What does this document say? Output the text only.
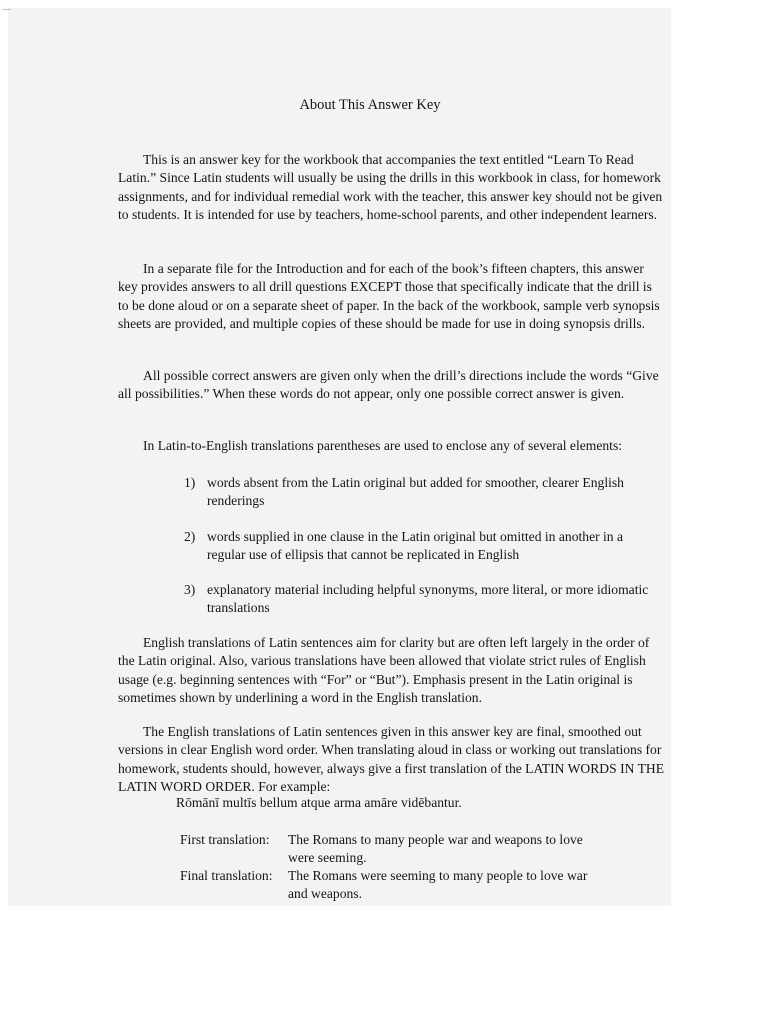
—
About This Answer Key
This is an answer key for the workbook that accompanies the text entitled “Learn To Read Latin.” Since Latin students will usually be using the drills in this workbook in class, for homework assignments, and for individual remedial work with the teacher, this answer key should not be given to students. It is intended for use by teachers, home-school parents, and other independent learners.
In a separate file for the Introduction and for each of the book’s fifteen chapters, this answer key provides answers to all drill questions EXCEPT those that specifically indicate that the drill is to be done aloud or on a separate sheet of paper. In the back of the workbook, sample verb synopsis sheets are provided, and multiple copies of these should be made for use in doing synopsis drills.
All possible correct answers are given only when the drill’s directions include the words “Give all possibilities.” When these words do not appear, only one possible correct answer is given.
In Latin-to-English translations parentheses are used to enclose any of several elements:
1) words absent from the Latin original but added for smoother, clearer English renderings
2) words supplied in one clause in the Latin original but omitted in another in a regular use of ellipsis that cannot be replicated in English
3) explanatory material including helpful synonyms, more literal, or more idiomatic translations
English translations of Latin sentences aim for clarity but are often left largely in the order of the Latin original. Also, various translations have been allowed that violate strict rules of English usage (e.g. beginning sentences with “For” or “But”). Emphasis present in the Latin original is sometimes shown by underlining a word in the English translation.
The English translations of Latin sentences given in this answer key are final, smoothed out versions in clear English word order. When translating aloud in class or working out translations for homework, students should, however, always give a first translation of the LATIN WORDS IN THE LATIN WORD ORDER. For example:
Rōmānī multīs bellum atque arma amāre vidēbantur.
First translation: The Romans to many people war and weapons to love
were seeming.
Final translation: The Romans were seeming to many people to love war
and weapons.
